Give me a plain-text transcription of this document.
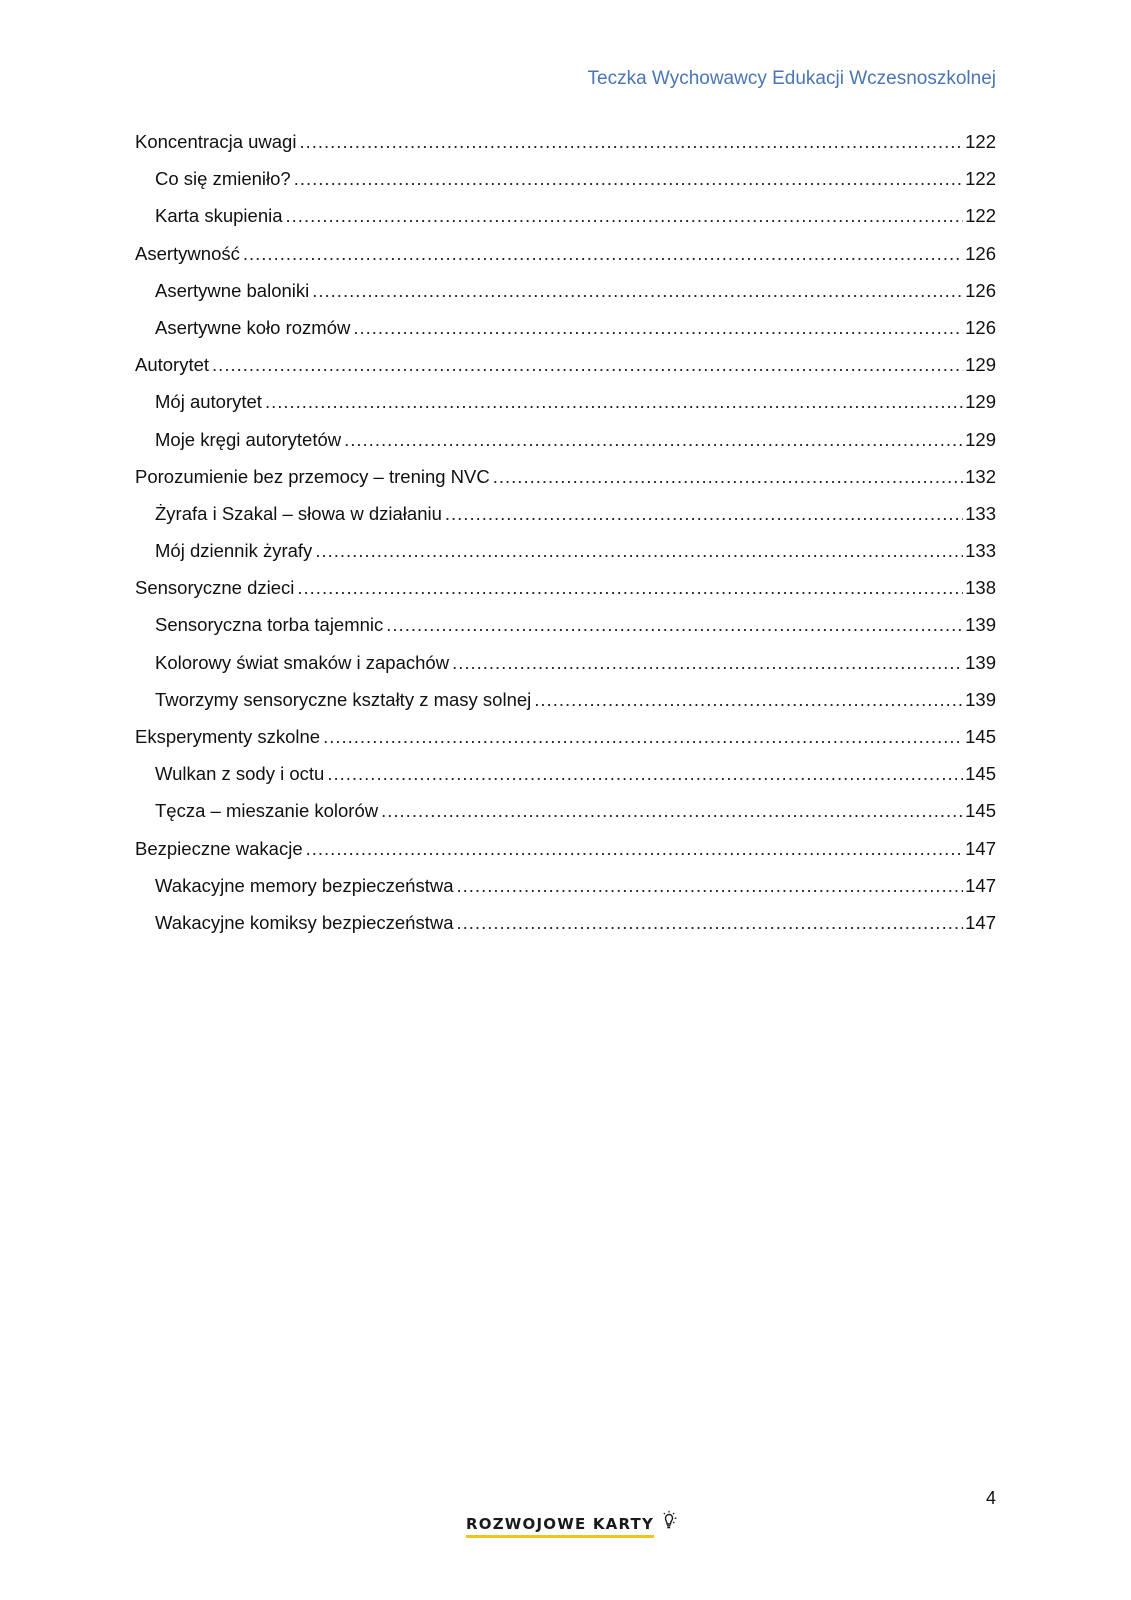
Teczka Wychowawcy Edukacji Wczesnoszkolnej
Koncentracja uwagi .....	122
Co się zmieniło? .....	122
Karta skupienia .....	122
Asertywność .....	126
Asertywne baloniki .....	126
Asertywne koło rozmów .....	126
Autorytet .....	129
Mój autorytet .....	129
Moje kręgi autorytetów .....	129
Porozumienie bez przemocy – trening NVC .....	132
Żyrafa i Szakal – słowa w działaniu .....	133
Mój dziennik żyrafy .....	133
Sensoryczne dzieci .....	138
Sensoryczna torba tajemnic .....	139
Kolorowy świat smaków i zapachów .....	139
Tworzymy sensoryczne kształty z masy solnej .....	139
Eksperymenty szkolne .....	145
Wulkan z sody i octu .....	145
Tęcza – mieszanie kolorów .....	145
Bezpieczne wakacje .....	147
Wakacyjne memory bezpieczeństwa .....	147
Wakacyjne komiksy bezpieczeństwa .....	147
4
ROZWOJOWE KARTY
